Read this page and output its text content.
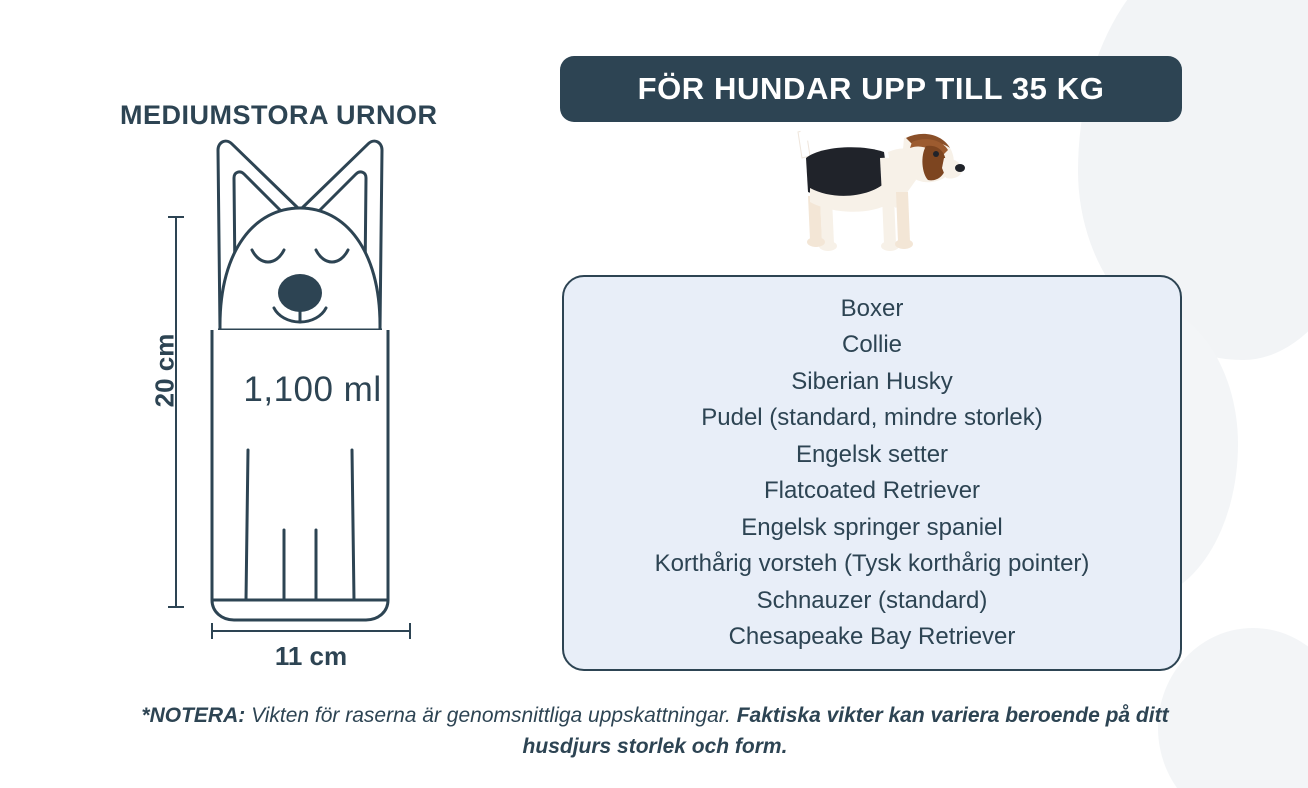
MEDIUMSTORA URNOR
1,100 ml
20 cm
11 cm
FÖR HUNDAR UPP TILL 35 KG
Boxer
Collie
Siberian Husky
Pudel (standard, mindre storlek)
Engelsk setter
Flatcoated Retriever
Engelsk springer spaniel
Korthårig vorsteh (Tysk korthårig pointer)
Schnauzer (standard)
Chesapeake Bay Retriever
*NOTERA: Vikten för raserna är genomsnittliga uppskattningar. Faktiska vikter kan variera beroende på ditt husdjurs storlek och form.
